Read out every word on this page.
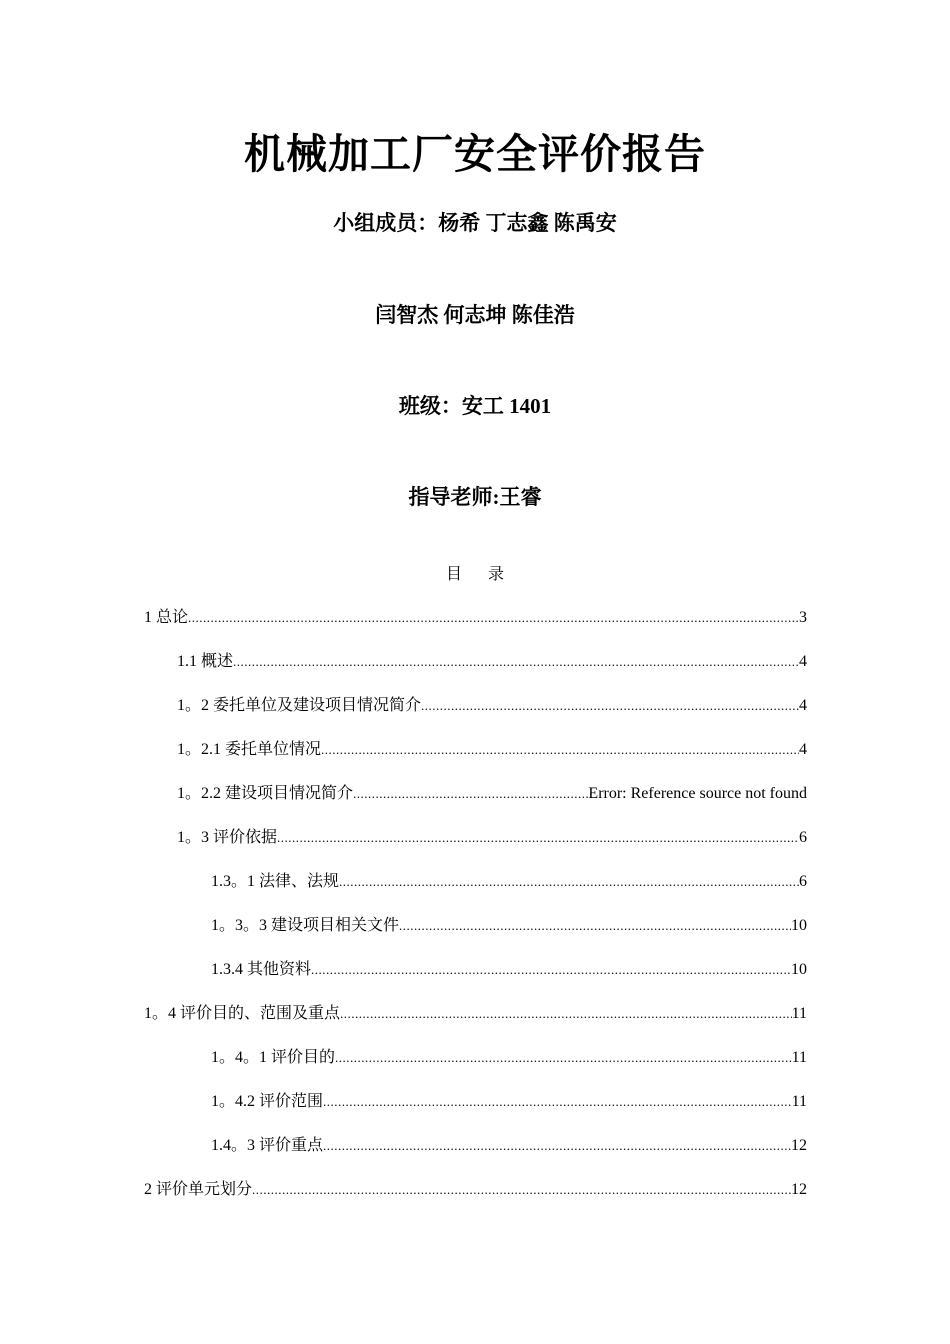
机械加工厂安全评价报告
小组成员：杨希 丁志鑫 陈禹安
闫智杰 何志坤 陈佳浩
班级：安工 1401
指导老师:王睿
目 录
1 总论 .....	3
1.1 概述 .....	4
1。2 委托单位及建设项目情况简介 .....	4
1。2.1 委托单位情况 .....	4
1。2.2 建设项目情况简介 .....	Error: Reference source not found
1。3 评价依据 .....	6
1.3。1 法律、法规 .....	6
1。3。3 建设项目相关文件 .....	10
1.3.4 其他资料 .....	10
1。4 评价目的、范围及重点 .....	11
1。4。1 评价目的 .....	11
1。4.2 评价范围 .....	11
1.4。3 评价重点 .....	12
2 评价单元划分 .....	12
